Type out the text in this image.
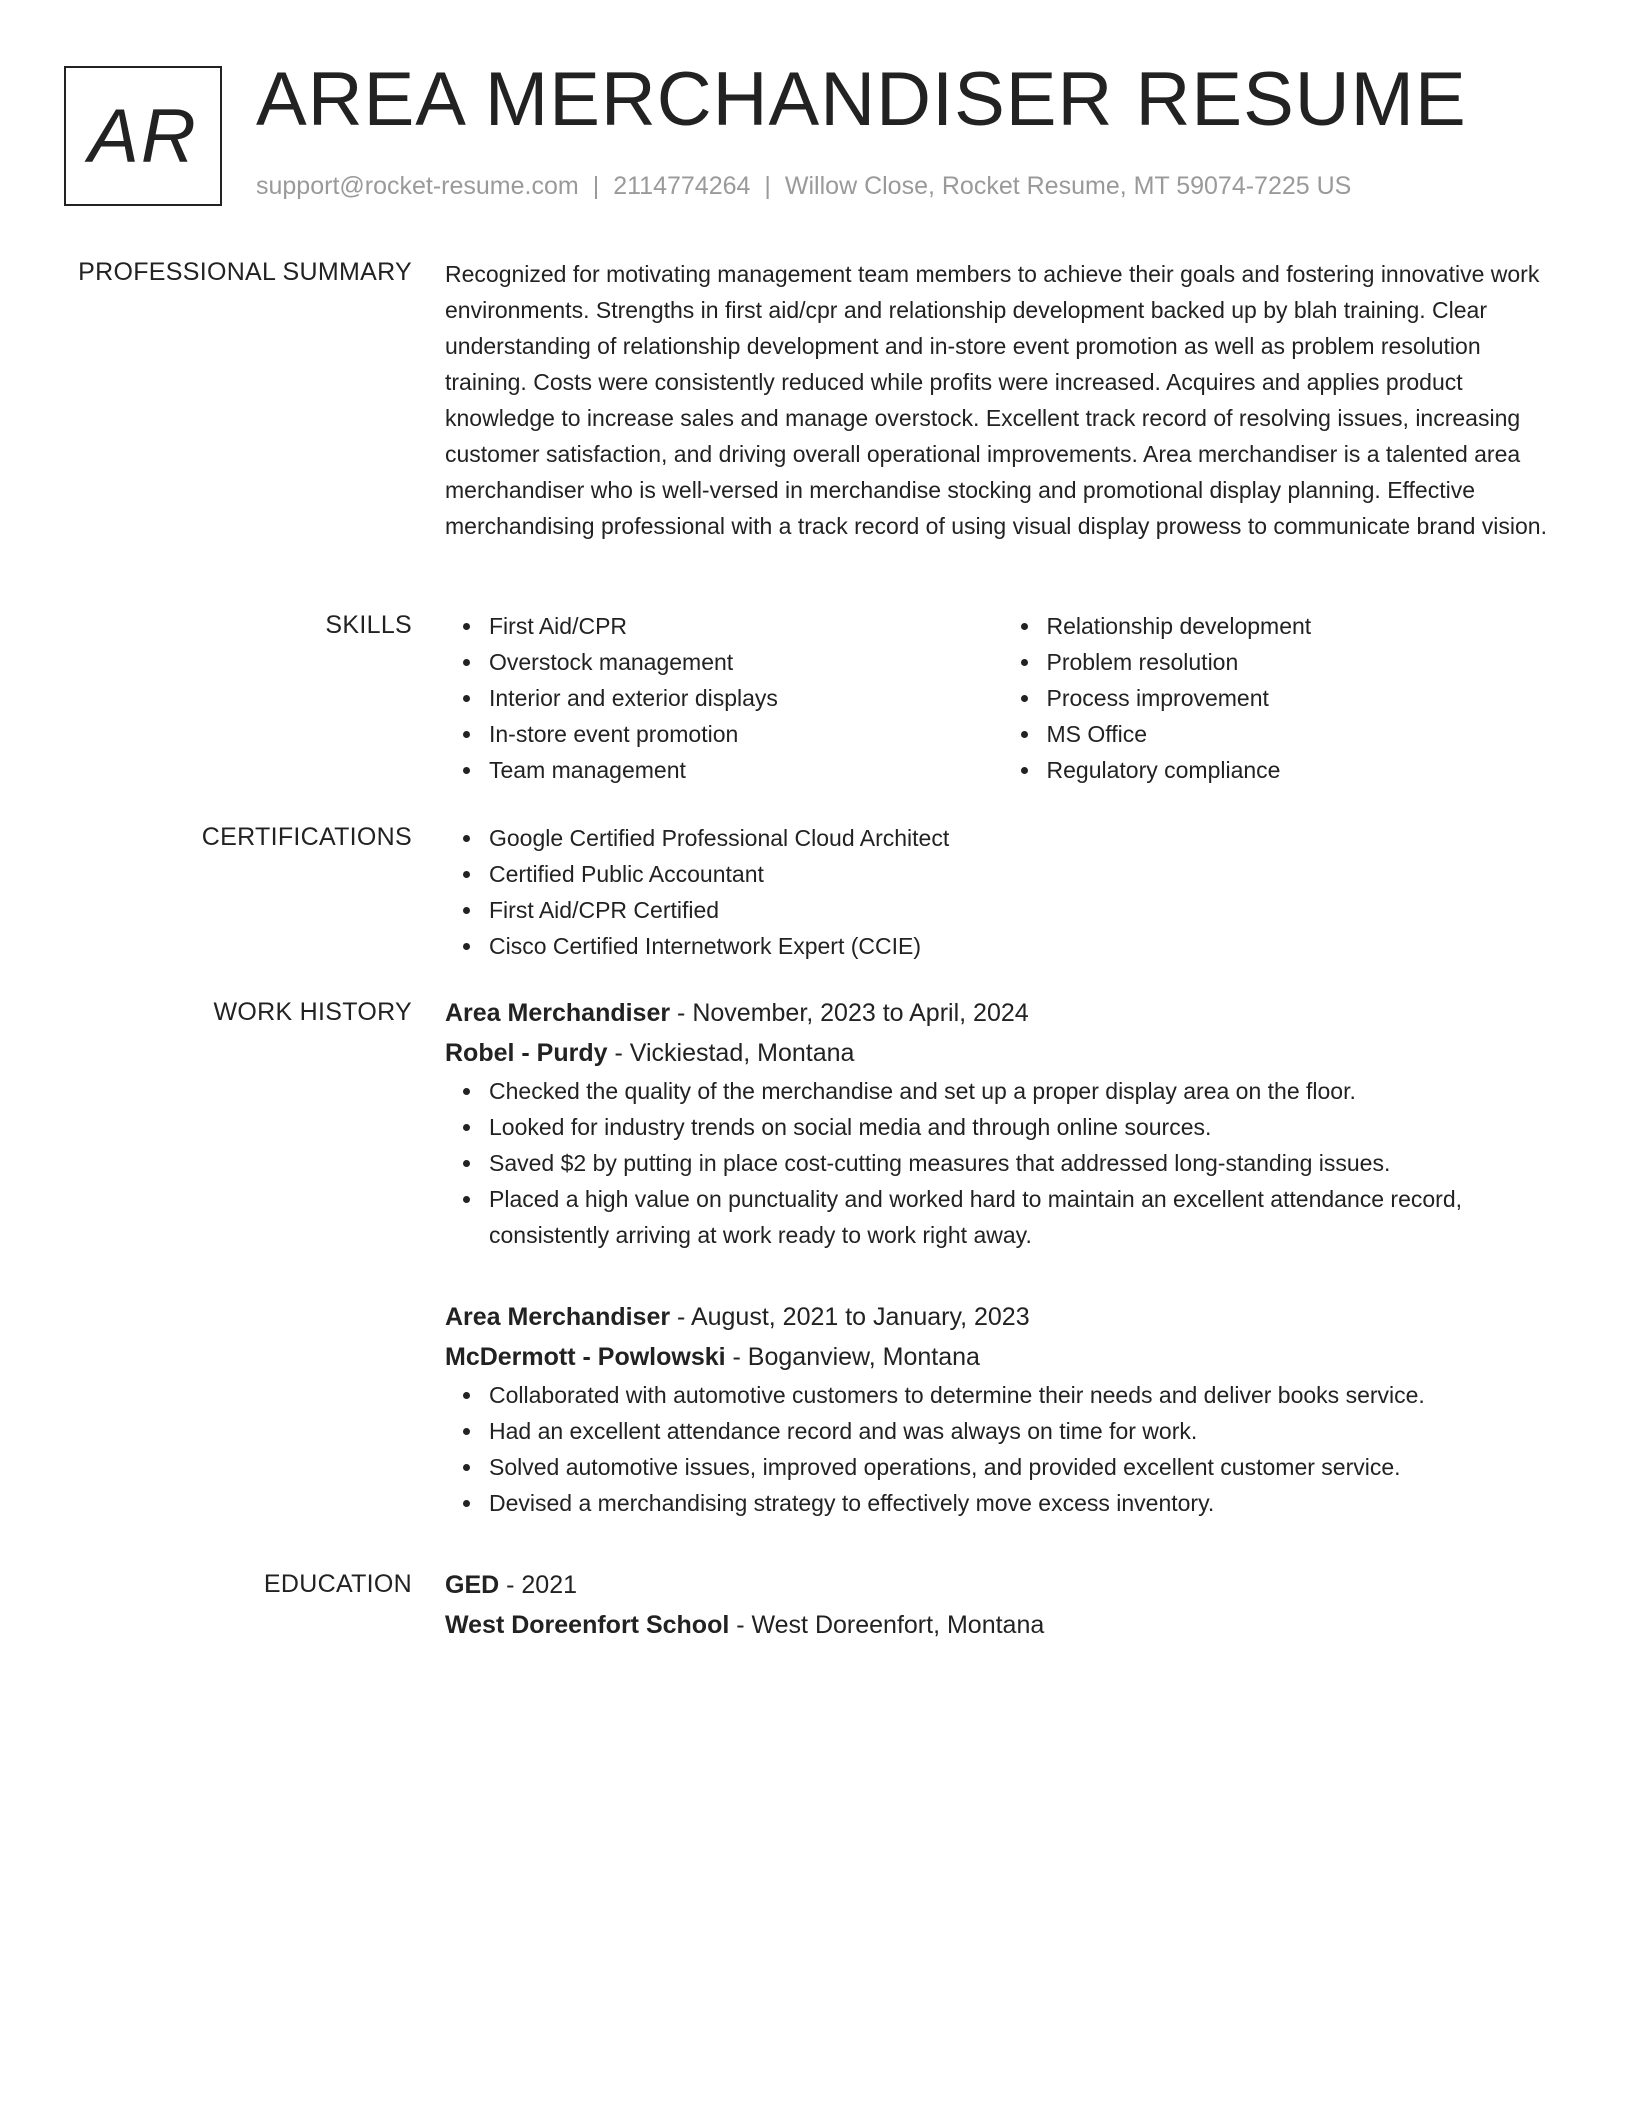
AR AREA MERCHANDISER RESUME
support@rocket-resume.com | 2114774264 | Willow Close, Rocket Resume, MT 59074-7225 US
PROFESSIONAL SUMMARY Recognized for motivating management team members to achieve their goals and fostering innovative work environments. Strengths in first aid/cpr and relationship development backed up by blah training. Clear understanding of relationship development and in-store event promotion as well as problem resolution training. Costs were consistently reduced while profits were increased. Acquires and applies product knowledge to increase sales and manage overstock. Excellent track record of resolving issues, increasing customer satisfaction, and driving overall operational improvements. Area merchandiser is a talented area merchandiser who is well-versed in merchandise stocking and promotional display planning. Effective merchandising professional with a track record of using visual display prowess to communicate brand vision.
SKILLS	First Aid/CPR
Overstock management
Interior and exterior displays
In-store event promotion
Team management
Relationship development
Problem resolution
Process improvement
MS Office
Regulatory compliance
CERTIFICATIONS	Google Certified Professional Cloud Architect
Certified Public Accountant
First Aid/CPR Certified
Cisco Certified Internetwork Expert (CCIE)
WORK HISTORY Area Merchandiser - November, 2023 to April, 2024
Robel - Purdy - Vickiestad, Montana
Checked the quality of the merchandise and set up a proper display area on the floor.
Looked for industry trends on social media and through online sources.
Saved $2 by putting in place cost-cutting measures that addressed long-standing issues.
Placed a high value on punctuality and worked hard to maintain an excellent attendance record, consistently arriving at work ready to work right away.
Area Merchandiser - August, 2021 to January, 2023
McDermott - Powlowski - Boganview, Montana
Collaborated with automotive customers to determine their needs and deliver books service.
Had an excellent attendance record and was always on time for work.
Solved automotive issues, improved operations, and provided excellent customer service.
Devised a merchandising strategy to effectively move excess inventory.
EDUCATION GED - 2021
West Doreenfort School - West Doreenfort, Montana
